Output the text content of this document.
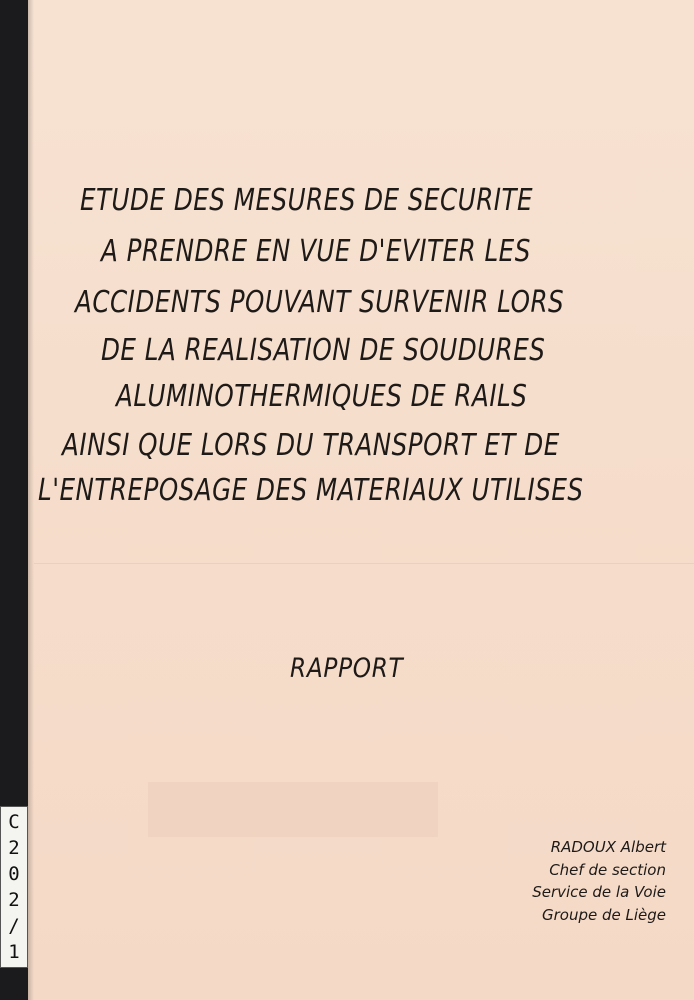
ETUDE DES MESURES DE SECURITE
A PRENDRE EN VUE D'EVITER LES
ACCIDENTS POUVANT SURVENIR LORS
DE LA REALISATION DE SOUDURES
ALUMINOTHERMIQUES DE RAILS
AINSI QUE LORS DU TRANSPORT ET DE
L'ENTREPOSAGE DES MATERIAUX UTILISES
RAPPORT
RADOUX Albert
Chef de section
Service de la Voie
Groupe de Liège
C
2
0
2
/
1
